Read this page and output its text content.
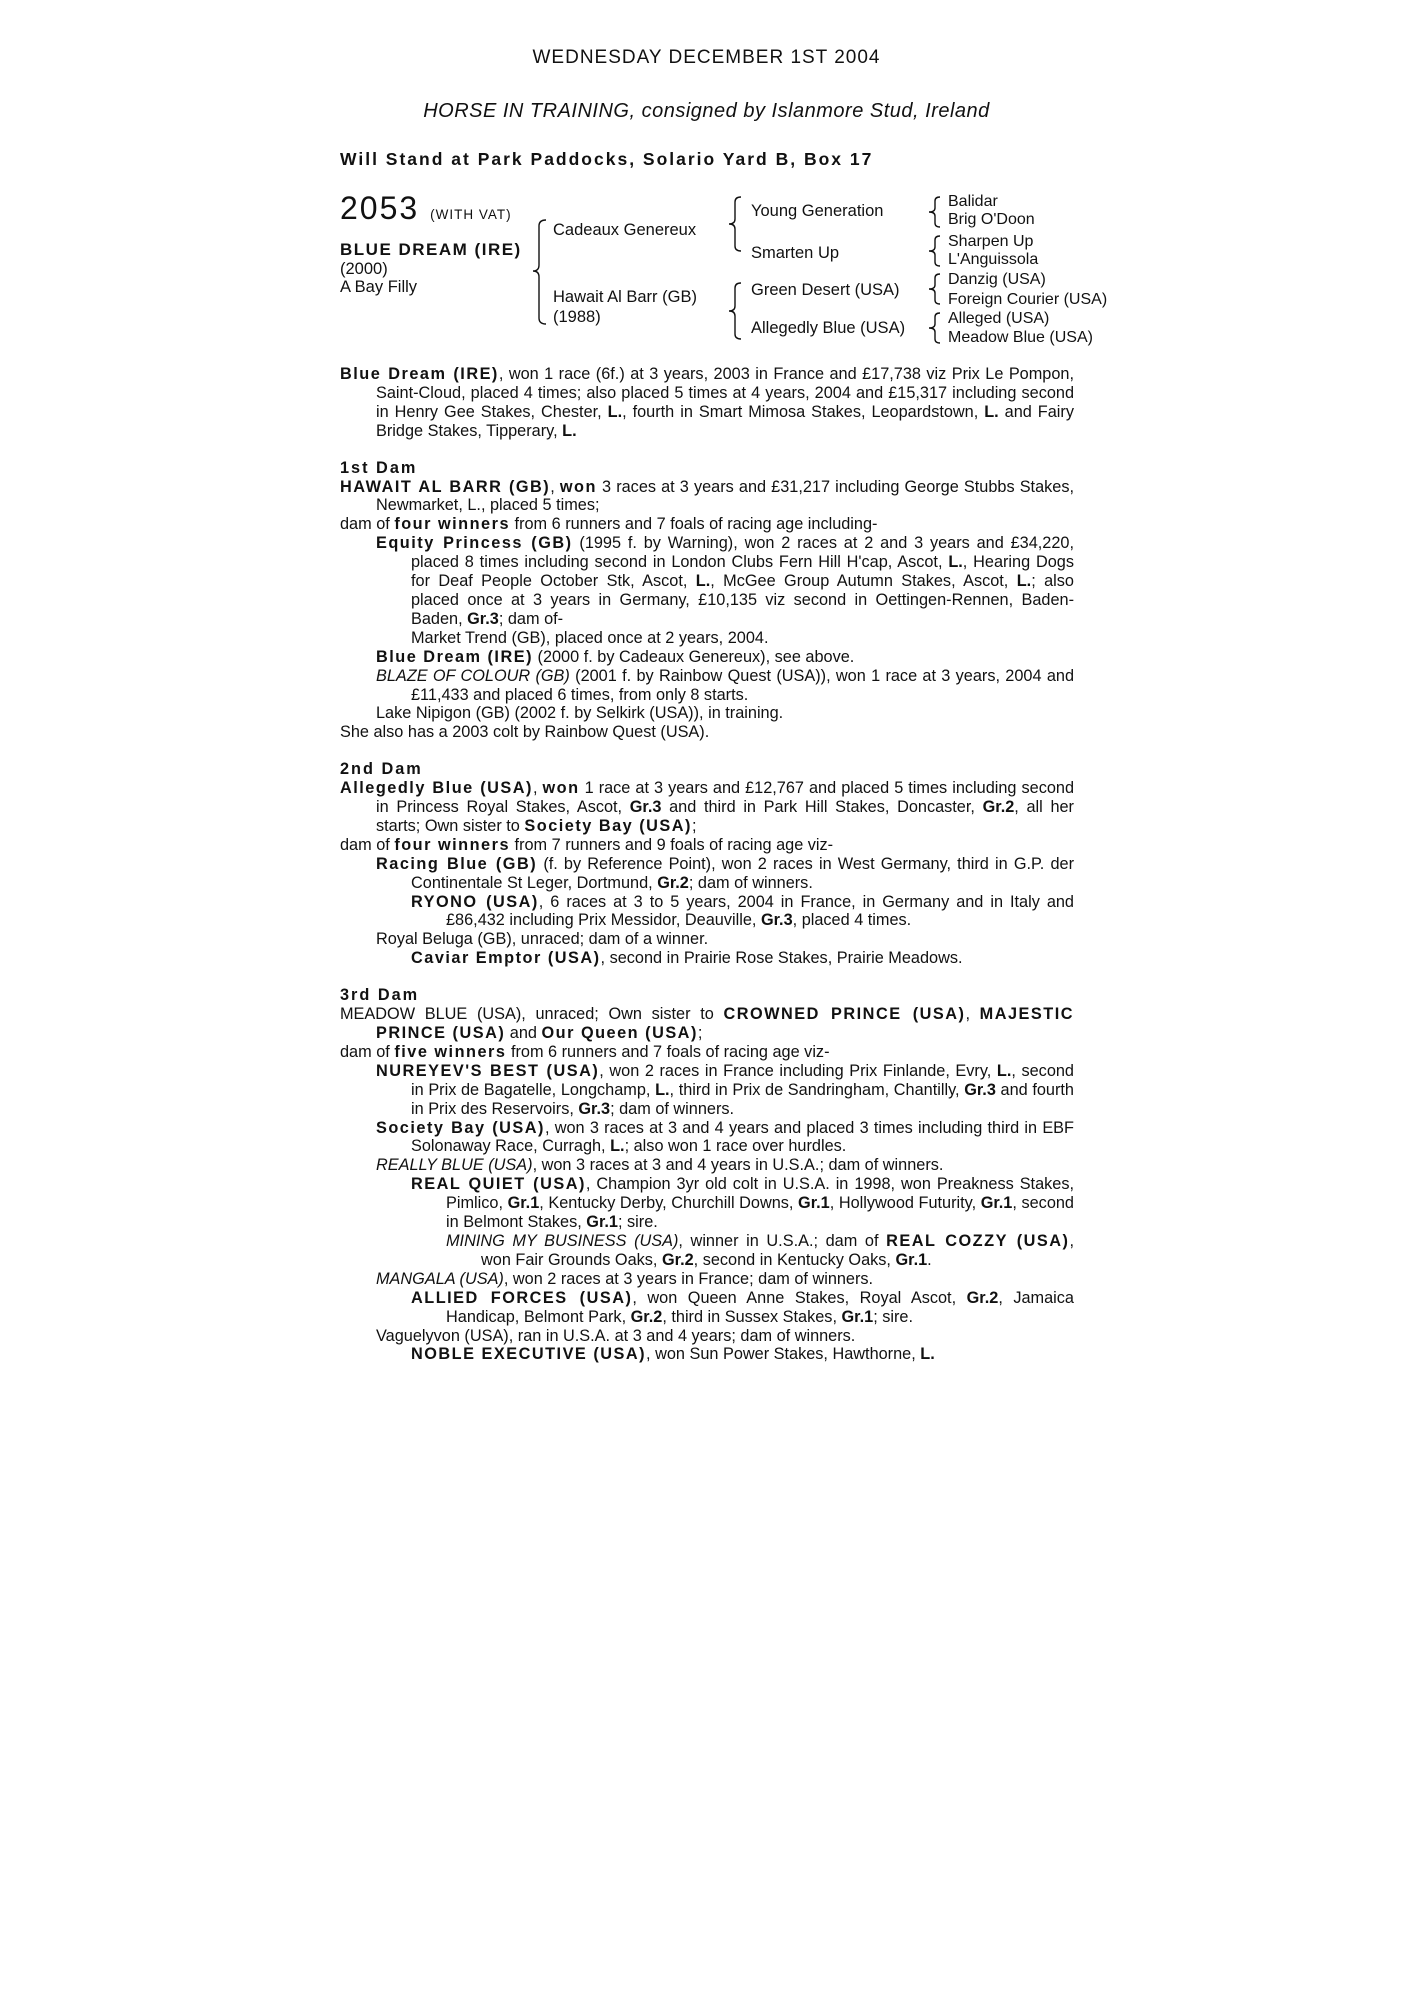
WEDNESDAY DECEMBER 1ST 2004
HORSE IN TRAINING, consigned by Islanmore Stud, Ireland
Will Stand at Park Paddocks, Solario Yard B, Box 17
2053 (WITH VAT)
BLUE DREAM (IRE)
(2000)
A Bay Filly
Cadeaux Genereux
Hawait Al Barr (GB)
(1988)
Young Generation
Smarten Up
Green Desert (USA)
Allegedly Blue (USA)
Balidar
Brig O'Doon
Sharpen Up
L'Anguissola
Danzig (USA)
Foreign Courier (USA)
Alleged (USA)
Meadow Blue (USA)

Blue Dream (IRE), won 1 race (6f.) at 3 years, 2003 in France and £17,738 viz Prix Le Pompon, Saint-Cloud, placed 4 times; also placed 5 times at 4 years, 2004 and £15,317 including second in Henry Gee Stakes, Chester, L., fourth in Smart Mimosa Stakes, Leopardstown, L. and Fairy Bridge Stakes, Tipperary, L.

1st Dam

HAWAIT AL BARR (GB), won 3 races at 3 years and £31,217 including George Stubbs Stakes, Newmarket, L., placed 5 times;

dam of four winners from 6 runners and 7 foals of racing age including-

Equity Princess (GB) (1995 f. by Warning), won 2 races at 2 and 3 years and £34,220, placed 8 times including second in London Clubs Fern Hill H'cap, Ascot, L., Hearing Dogs for Deaf People October Stk, Ascot, L., McGee Group Autumn Stakes, Ascot, L.; also placed once at 3 years in Germany, £10,135 viz second in Oettingen-Rennen, Baden-Baden, Gr.3; dam of-

Market Trend (GB), placed once at 2 years, 2004.

Blue Dream (IRE) (2000 f. by Cadeaux Genereux), see above.

BLAZE OF COLOUR (GB) (2001 f. by Rainbow Quest (USA)), won 1 race at 3 years, 2004 and £11,433 and placed 6 times, from only 8 starts.

Lake Nipigon (GB) (2002 f. by Selkirk (USA)), in training.

She also has a 2003 colt by Rainbow Quest (USA).

2nd Dam

Allegedly Blue (USA), won 1 race at 3 years and £12,767 and placed 5 times including second in Princess Royal Stakes, Ascot, Gr.3 and third in Park Hill Stakes, Doncaster, Gr.2, all her starts; Own sister to Society Bay (USA);

dam of four winners from 7 runners and 9 foals of racing age viz-

Racing Blue (GB) (f. by Reference Point), won 2 races in West Germany, third in G.P. der Continentale St Leger, Dortmund, Gr.2; dam of winners.

RYONO (USA), 6 races at 3 to 5 years, 2004 in France, in Germany and in Italy and £86,432 including Prix Messidor, Deauville, Gr.3, placed 4 times.

Royal Beluga (GB), unraced; dam of a winner.

Caviar Emptor (USA), second in Prairie Rose Stakes, Prairie Meadows.

3rd Dam

MEADOW BLUE (USA), unraced; Own sister to CROWNED PRINCE (USA), MAJESTIC PRINCE (USA) and Our Queen (USA);

dam of five winners from 6 runners and 7 foals of racing age viz-

NUREYEV'S BEST (USA), won 2 races in France including Prix Finlande, Evry, L., second in Prix de Bagatelle, Longchamp, L., third in Prix de Sandringham, Chantilly, Gr.3 and fourth in Prix des Reservoirs, Gr.3; dam of winners.

Society Bay (USA), won 3 races at 3 and 4 years and placed 3 times including third in EBF Solonaway Race, Curragh, L.; also won 1 race over hurdles.

REALLY BLUE (USA), won 3 races at 3 and 4 years in U.S.A.; dam of winners.

REAL QUIET (USA), Champion 3yr old colt in U.S.A. in 1998, won Preakness Stakes, Pimlico, Gr.1, Kentucky Derby, Churchill Downs, Gr.1, Hollywood Futurity, Gr.1, second in Belmont Stakes, Gr.1; sire.

MINING MY BUSINESS (USA), winner in U.S.A.; dam of REAL COZZY (USA), won Fair Grounds Oaks, Gr.2, second in Kentucky Oaks, Gr.1.

MANGALA (USA), won 2 races at 3 years in France; dam of winners.

ALLIED FORCES (USA), won Queen Anne Stakes, Royal Ascot, Gr.2, Jamaica Handicap, Belmont Park, Gr.2, third in Sussex Stakes, Gr.1; sire.

Vaguelyvon (USA), ran in U.S.A. at 3 and 4 years; dam of winners.

NOBLE EXECUTIVE (USA), won Sun Power Stakes, Hawthorne, L.
